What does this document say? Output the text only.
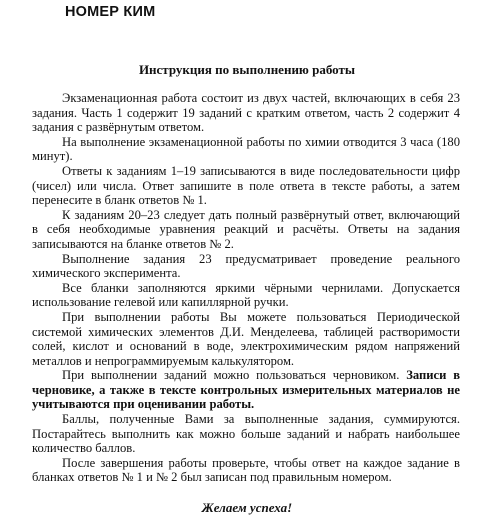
НОМЕР КИМ
Инструкция по выполнению работы

Экзаменационная работа состоит из двух частей, включающих в себя 23 задания. Часть 1 содержит 19 заданий с кратким ответом, часть 2 содержит 4 задания с развёрнутым ответом.

На выполнение экзаменационной работы по химии отводится 3 часа (180 минут).

Ответы к заданиям 1–19 записываются в виде последовательности цифр (чисел) или числа. Ответ запишите в поле ответа в тексте работы, а затем перенесите в бланк ответов № 1.

К заданиям 20–23 следует дать полный развёрнутый ответ, включающий в себя необходимые уравнения реакций и расчёты. Ответы на задания записываются на бланке ответов № 2.

Выполнение задания 23 предусматривает проведение реального химического эксперимента.

Все бланки заполняются яркими чёрными чернилами. Допускается использование гелевой или капиллярной ручки.

При выполнении работы Вы можете пользоваться Периодической системой химических элементов Д.И. Менделеева, таблицей растворимости солей, кислот и оснований в воде, электрохимическим рядом напряжений металлов и непрограммируемым калькулятором.

При выполнении заданий можно пользоваться черновиком. Записи в черновике, а также в тексте контрольных измерительных материалов не учитываются при оценивании работы.

Баллы, полученные Вами за выполненные задания, суммируются. Постарайтесь выполнить как можно больше заданий и набрать наибольшее количество баллов.

После завершения работы проверьте, чтобы ответ на каждое задание в бланках ответов № 1 и № 2 был записан под правильным номером.

Желаем успеха!
